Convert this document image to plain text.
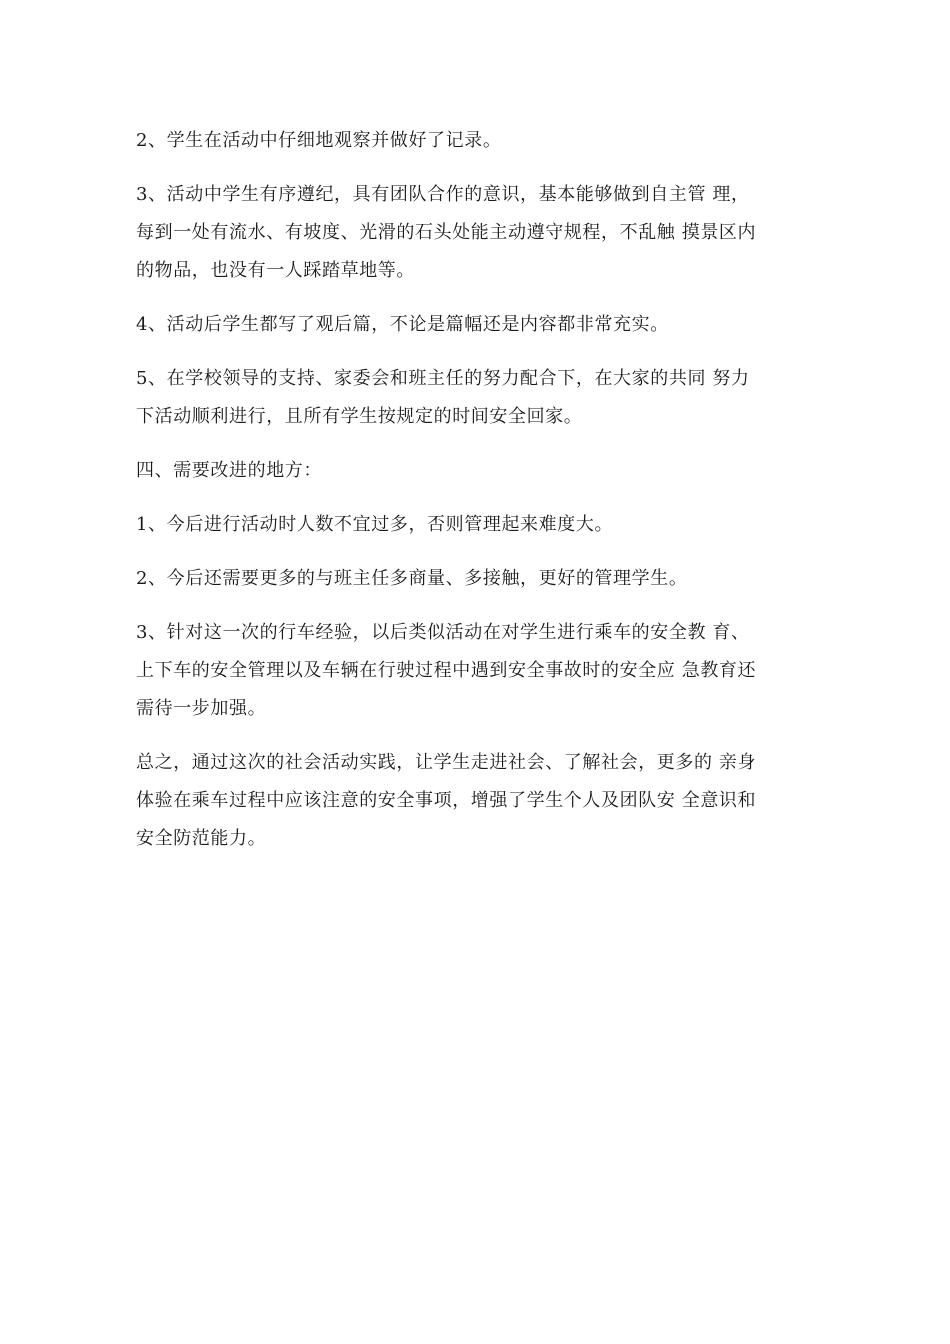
2、学生在活动中仔细地观察并做好了记录。

3、活动中学生有序遵纪，具有团队合作的意识，基本能够做到自主管 理，
每到一处有流水、有坡度、光滑的石头处能主动遵守规程，不乱触 摸景区内
的物品，也没有一人踩踏草地等。

4、活动后学生都写了观后篇，不论是篇幅还是内容都非常充实。

5、在学校领导的支持、家委会和班主任的努力配合下，在大家的共同 努力
下活动顺利进行，且所有学生按规定的时间安全回家。

四、需要改进的地方：

1、今后进行活动时人数不宜过多，否则管理起来难度大。

2、今后还需要更多的与班主任多商量、多接触，更好的管理学生。

3、针对这一次的行车经验，以后类似活动在对学生进行乘车的安全教 育、
上下车的安全管理以及车辆在行驶过程中遇到安全事故时的安全应 急教育还
需待一步加强。

总之，通过这次的社会活动实践，让学生走进社会、了解社会，更多的 亲身
体验在乘车过程中应该注意的安全事项，增强了学生个人及团队安 全意识和
安全防范能力。
